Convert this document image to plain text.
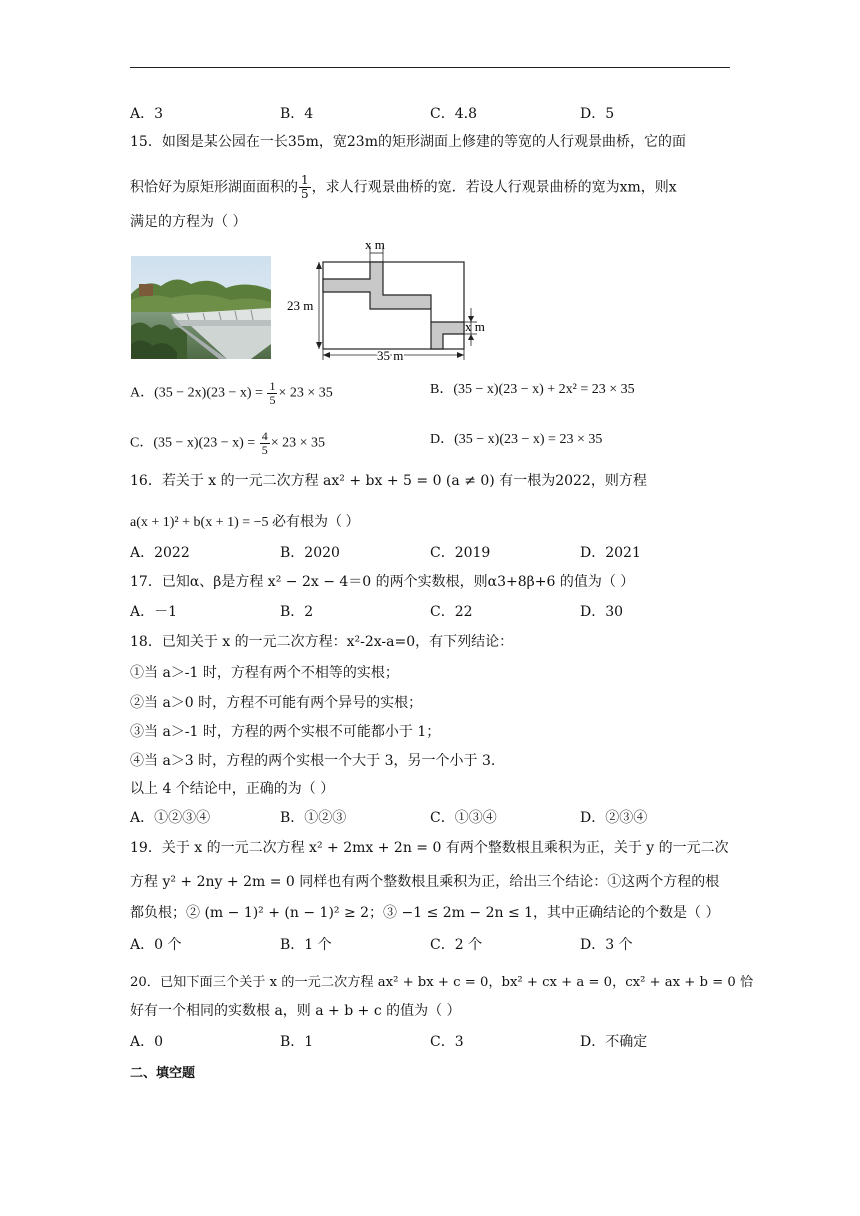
A．3	B．4	C．4.8	D．5
15．如图是某公园在一长35m，宽23m的矩形湖面上修建的等宽的人行观景曲桥，它的面
积恰好为原矩形湖面面积的 $\frac{1}{5}$ ，求人行观景曲桥的宽．若设人行观景曲桥的宽为xm，则x
满足的方程为（ ）
x m
23 m
x m
35 m
A．$(35 - 2x)(23 - x) = \frac{1}{5} \times 23 \times 35$	B．(35 − x)(23 − x) + 2x² = 23 × 35
C．$(35 - x)(23 - x) = \frac{4}{5} \times 23 \times 35$	D．(35 − x)(23 − x) = 23 × 35
16．若关于 x 的一元二次方程 ax² + bx + 5 = 0 (a ≠ 0) 有一根为2022，则方程
a(x + 1)² + b(x + 1) = −5 必有根为（ ）
A．2022	B．2020	C．2019	D．2021
17．已知α、β是方程 x² − 2x − 4＝0 的两个实数根，则α3+8β+6 的值为（ ）
A．－1	B．2	C．22	D．30
18．已知关于 x 的一元二次方程：x²-2x-a=0，有下列结论：
①当 a＞-1 时，方程有两个不相等的实根；
②当 a＞0 时，方程不可能有两个异号的实根；
③当 a＞-1 时，方程的两个实根不可能都小于 1；
④当 a＞3 时，方程的两个实根一个大于 3，另一个小于 3.
以上 4 个结论中，正确的为（ ）
A．①②③④	B．①②③	C．①③④	D．②③④
19．关于 x 的一元二次方程 x² + 2mx + 2n = 0 有两个整数根且乘积为正，关于 y 的一元二次
方程 y² + 2ny + 2m = 0 同样也有两个整数根且乘积为正，给出三个结论：①这两个方程的根
都负根；② (m − 1)² + (n − 1)² ≥ 2；③ −1 ≤ 2m − 2n ≤ 1，其中正确结论的个数是（ ）
A．0 个	B．1 个	C．2 个	D．3 个
20．已知下面三个关于 x 的一元二次方程 ax² + bx + c = 0，bx² + cx + a = 0，cx² + ax + b = 0 恰
好有一个相同的实数根 a，则 a + b + c 的值为（ ）
A．0	B．1	C．3	D．不确定
二、填空题
